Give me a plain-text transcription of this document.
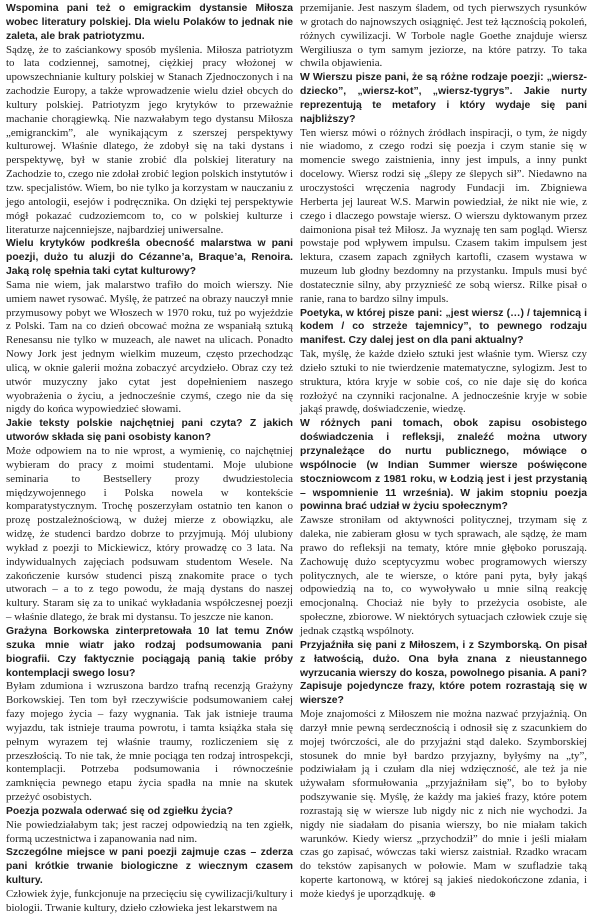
Wspomina pani też o emigrackim dystansie Miłosza wobec literatury polskiej. Dla wielu Polaków to jednak nie zaleta, ale brak patriotyzmu.

Sądzę, że to zaściankowy sposób myślenia. Miłosza patriotyzm to lata codziennej, samotnej, ciężkiej pracy włożonej w upowszechnianie kultury polskiej w Stanach Zjednoczonych i na zachodzie Europy, a także wprowadzenie wielu dzieł obcych do kultury polskiej. Patriotyzm jego krytyków to przeważnie machanie chorągiewką. Nie nazwałabym tego dystansu Miłosza „emigranckim”, ale wynikającym z szerszej perspektywy kulturowej. Właśnie dlatego, że zdobył się na taki dystans i perspektywę, był w stanie zrobić dla polskiej literatury na Zachodzie to, czego nie zdołał zrobić legion polskich instytutów i tzw. specjalistów. Wiem, bo nie tylko ja korzystam w nauczaniu z jego antologii, esejów i podręcznika. On dzięki tej perspektywie mógł pokazać cudzoziemcom to, co w polskiej kulturze i literaturze najcenniejsze, najbardziej uniwersalne.

Wielu krytyków podkreśla obecność malarstwa w pani poezji, dużo tu aluzji do Cézanne’a, Braque’a, Renoira. Jaką rolę spełnia taki cytat kulturowy?

Sama nie wiem, jak malarstwo trafiło do moich wierszy. Nie umiem nawet rysować. Myślę, że patrzeć na obrazy nauczył mnie przymusowy pobyt we Włoszech w 1970 roku, tuż po wyjeździe z Polski. Tam na co dzień obcować można ze wspaniałą sztuką Renesansu nie tylko w muzeach, ale nawet na ulicach. Ponadto Nowy Jork jest jednym wielkim muzeum, często przechodząc ulicą, w oknie galerii można zobaczyć arcydzieło. Obraz czy też utwór muzyczny jako cytat jest dopełnieniem naszego wyobrażenia o życiu, a jednocześnie czymś, czego nie da się nigdy do końca wypowiedzieć słowami.

Jakie teksty polskie najchętniej pani czyta? Z jakich utworów składa się pani osobisty kanon?

Może odpowiem na to nie wprost, a wymienię, co najchętniej wybieram do pracy z moimi studentami. Moje ulubione seminaria to Bestsellery prozy dwudziestolecia międzywojennego i Polska nowela w kontekście komparatystycznym. Trochę poszerzyłam ostatnio ten kanon o prozę postzależnościową, w dużej mierze z obowiązku, ale widzę, że studenci bardzo dobrze to przyjmują. Mój ulubiony wykład z poezji to Mickiewicz, który prowadzę co 3 lata. Na indywidualnych zajęciach podsuwam studentom Wesele. Na zakończenie kursów studenci piszą znakomite prace o tych utworach – a to z tego powodu, że mają dystans do naszej kultury. Staram się za to unikać wykładania współczesnej poezji – właśnie dlatego, że brak mi dystansu. To jeszcze nie kanon.

Grażyna Borkowska zinterpretowała 10 lat temu Znów szuka mnie wiatr jako rodzaj podsumowania pani biografii. Czy faktycznie pociągają panią takie próby kontemplacji swego losu?

Byłam zdumiona i wzruszona bardzo trafną recenzją Grażyny Borkowskiej. Ten tom był rzeczywiście podsumowaniem całej fazy mojego życia – fazy wygnania. Tak jak istnieje trauma wyjazdu, tak istnieje trauma powrotu, i tamta książka stała się pełnym wyrazem tej właśnie traumy, rozliczeniem się z przeszłością. To nie tak, że mnie pociąga ten rodzaj introspekcji, kontemplacji. Potrzeba podsumowania i równocześnie zamknięcia pewnego etapu życia spadła na mnie na skutek przeżyć osobistych.

Poezja pozwala oderwać się od zgiełku życia?

Nie powiedziałabym tak; jest raczej odpowiedzią na ten zgiełk, formą uczestnictwa i zapanowania nad nim.

Szczególne miejsce w pani poezji zajmuje czas – zderza pani krótkie trwanie biologiczne z wiecznym czasem kultury.

Człowiek żyje, funkcjonuje na przecięciu się cywilizacji/kultury i biologii. Trwanie kultury, dzieło człowieka jest lekarstwem na

przemijanie. Jest naszym śladem, od tych pierwszych rysunków w grotach do najnowszych osiągnięć. Jest też łącznością pokoleń, różnych cywilizacji. W Torbole nagle Goethe znajduje wiersz Wergiliusza o tym samym jeziorze, na które patrzy. To taka chwila objawienia.

W Wierszu pisze pani, że są różne rodzaje poezji: „wiersz-dziecko”, „wiersz-kot”, „wiersz-tygrys”. Jakie nurty reprezentują te metafory i który wydaje się pani najbliższy?

Ten wiersz mówi o różnych źródłach inspiracji, o tym, że nigdy nie wiadomo, z czego rodzi się poezja i czym stanie się w momencie swego zaistnienia, inny jest impuls, a inny punkt docelowy. Wiersz rodzi się „ślepy ze ślepych sił”. Niedawno na uroczystości wręczenia nagrody Fundacji im. Zbigniewa Herberta jej laureat W.S. Marwin powiedział, że nikt nie wie, z czego i dlaczego powstaje wiersz. O wierszu dyktowanym przez daimoniona pisał też Miłosz. Ja wyznaję ten sam pogląd. Wiersz powstaje pod wpływem impulsu. Czasem takim impulsem jest lektura, czasem zapach zgniłych kartofli, czasem wystawa w muzeum lub głodny bezdomny na przystanku. Impuls musi być dostatecznie silny, aby przyznieść ze sobą wiersz. Rilke pisał o ranie, rana to bardzo silny impuls.

Poetyka, w której pisze pani: „jest wiersz (…) / tajemnicą i kodem / co strzeże tajemnicy”, to pewnego rodzaju manifest. Czy dalej jest on dla pani aktualny?

Tak, myślę, że każde dzieło sztuki jest właśnie tym. Wiersz czy dzieło sztuki to nie twierdzenie matematyczne, sylogizm. Jest to struktura, która kryje w sobie coś, co nie daje się do końca rozłożyć na czynniki racjonalne. A jednocześnie kryje w sobie jakąś prawdę, doświadczenie, wiedzę.

W różnych pani tomach, obok zapisu osobistego doświadczenia i refleksji, znaleźć można utwory przynależące do nurtu publicznego, mówiące o wspólnocie (w Indian Summer wiersze poświęcone stoczniowcom z 1981 roku, w Łodzią jest i jest przystanią – wspomnienie 11 września). W jakim stopniu poezja powinna brać udział w życiu społecznym?

Zawsze stroniłam od aktywności politycznej, trzymam się z daleka, nie zabieram głosu w tych sprawach, ale sądzę, że mam prawo do refleksji na tematy, które mnie głęboko poruszają. Zachowuję dużo sceptycyzmu wobec programowych wierszy politycznych, ale te wiersze, o które pani pyta, były jakąś odpowiedzią na to, co wywoływało u mnie silną reakcję emocjonalną. Chociaż nie były to przeżycia osobiste, ale społeczne, zbiorowe. W niektórych sytuacjach człowiek czuje się jednak cząstką wspólnoty.

Przyjaźniła się pani z Miłoszem, i z Szymborską. On pisał z łatwością, dużo. Ona była znana z nieustannego wyrzucania wierszy do kosza, powolnego pisania. A pani? Zapisuje pojedyncze frazy, które potem rozrastają się w wiersze?

Moje znajomości z Miłoszem nie można nazwać przyjaźnią. On darzył mnie pewną serdecznością i odnosił się z szacunkiem do mojej twórczości, ale do przyjaźni stąd daleko. Szymborskiej stosunek do mnie był bardzo przyjazny, byłyśmy na „ty”, podziwiałam ją i czułam dla niej wdzięczność, ale też ja nie używałam sformułowania „przyjaźniłam się”, bo to byłoby podszywanie się. Myślę, że każdy ma jakieś frazy, które potem rozrastają się w wiersze lub nigdy nic z nich nie wychodzi. Ja nigdy nie siadałam do pisania wierszy, bo nie miałam takich warunków. Kiedy wiersz „przychodził” do mnie i jeśli miałam czas go zapisać, wówczas taki wiersz zaistniał. Rzadko wracam do tekstów zapisanych w połowie. Mam w szufladzie taką koperte kartonową, w której są jakieś niedokończone zdania, i może kiedyś je uporządkuję. ⊕
